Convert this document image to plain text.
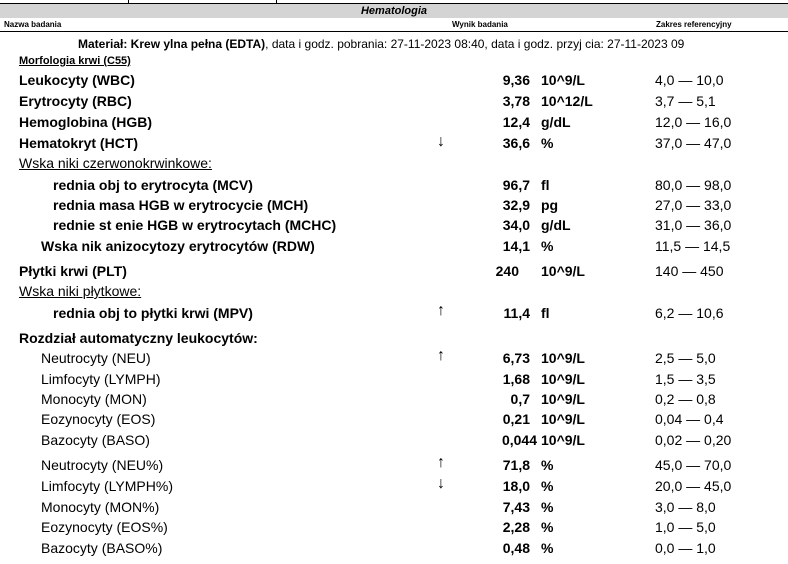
Hematologia
Nazwa badania	Wynik badania	Zakres referencyjny
Materiał: Krew ylna pełna (EDTA), data i godz. pobrania: 27-11-2023 08:40, data i godz. przyj cia: 27-11-2023 09
Morfologia krwi (C55)
Leukocyty (WBC)	9,36 10^9/L	4,0 — 10,0
Erytrocyty (RBC)	3,78 10^12/L	3,7 — 5,1
Hemoglobina (HGB)	12,4 g/dL	12,0 — 16,0
Hematokryt (HCT)	↓	36,6 %	37,0 — 47,0
Wska niki czerwonokrwinkowe:
rednia obj to erytrocyta (MCV)	96,7 fl	80,0 — 98,0
rednia masa HGB w erytrocycie (MCH)	32,9 pg	27,0 — 33,0
rednie st enie HGB w erytrocytach (MCHC)	34,0 g/dL	31,0 — 36,0
Wska nik anizocytozy erytrocytów (RDW)	14,1 %	11,5 — 14,5
Płytki krwi (PLT)	240 10^9/L	140 — 450
Wska niki płytkowe:
rednia obj to płytki krwi (MPV)	↑	11,4 fl	6,2 — 10,6
Rozdział automatyczny leukocytów:
Neutrocyty (NEU)	↑	6,73 10^9/L	2,5 — 5,0
Limfocyty (LYMPH)	1,68 10^9/L	1,5 — 3,5
Monocyty (MON)	0,7 10^9/L	0,2 — 0,8
Eozynocyty (EOS)	0,21 10^9/L	0,04 — 0,4
Bazocyty (BASO)	0,044 10^9/L	0,02 — 0,20
Neutrocyty (NEU%)	↑	71,8 %	45,0 — 70,0
Limfocyty (LYMPH%)	↓	18,0 %	20,0 — 45,0
Monocyty (MON%)	7,43 %	3,0 — 8,0
Eozynocyty (EOS%)	2,28 %	1,0 — 5,0
Bazocyty (BASO%)	0,48 %	0,0 — 1,0
